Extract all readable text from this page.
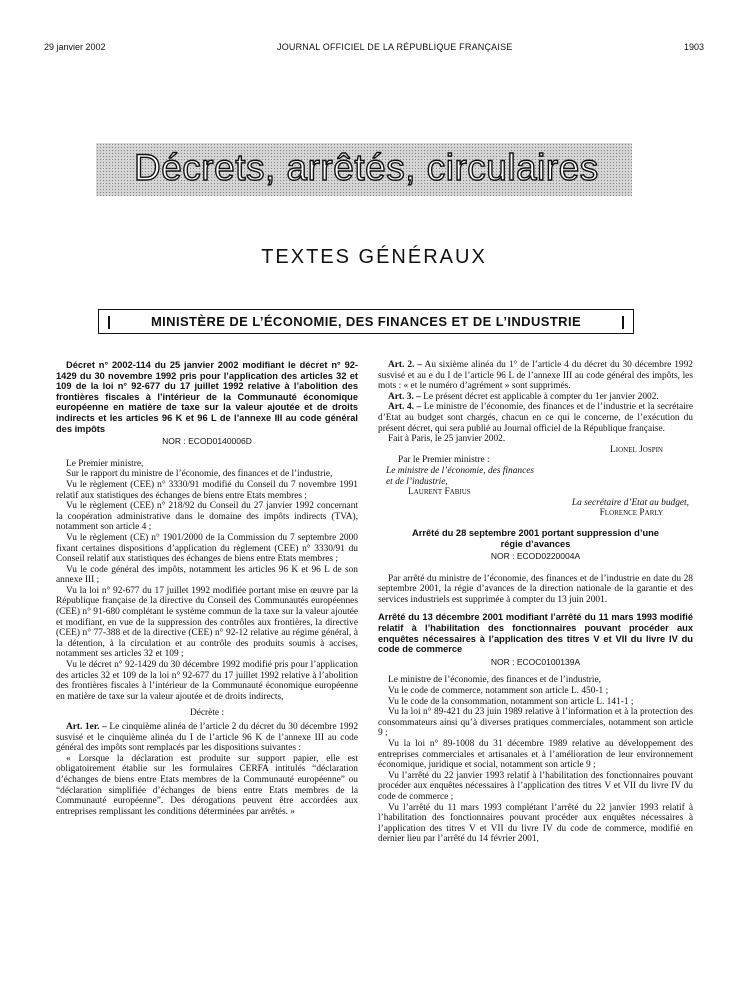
29 janvier 2002	JOURNAL OFFICIEL DE LA RÉPUBLIQUE FRANÇAISE	1903
Décrets, arrêtés, circulaires
TEXTES GÉNÉRAUX
MINISTÈRE DE L’ÉCONOMIE, DES FINANCES ET DE L’INDUSTRIE

Décret n° 2002-114 du 25 janvier 2002 modifiant le décret n° 92-1429 du 30 novembre 1992 pris pour l’application des articles 32 et 109 de la loi n° 92-677 du 17 juillet 1992 relative à l’abolition des frontières fiscales à l’intérieur de la Communauté économique européenne en matière de taxe sur la valeur ajoutée et de droits indirects et les articles 96 K et 96 L de l’annexe III au code général des impôts

NOR : ECOD0140006D

Le Premier ministre,

Sur le rapport du ministre de l’économie, des finances et de l’industrie,

Vu le règlement (CEE) n° 3330/91 modifié du Conseil du 7 novembre 1991 relatif aux statistiques des échanges de biens entre Etats membres ;

Vu le règlement (CEE) n° 218/92 du Conseil du 27 janvier 1992 concernant la coopération administrative dans le domaine des impôts indirects (TVA), notamment son article 4 ;

Vu le règlement (CE) n° 1901/2000 de la Commission du 7 septembre 2000 fixant certaines dispositions d’application du règlement (CEE) n° 3330/91 du Conseil relatif aux statistiques des échanges de biens entre Etats membres ;

Vu le code général des impôts, notamment les articles 96 K et 96 L de son annexe III ;

Vu la loi n° 92-677 du 17 juillet 1992 modifiée portant mise en œuvre par la République française de la directive du Conseil des Communautés européennes (CEE) n° 91-680 complétant le système commun de la taxe sur la valeur ajoutée et modifiant, en vue de la suppression des contrôles aux frontières, la directive (CEE) n° 77-388 et de la directive (CEE) n° 92-12 relative au régime général, à la détention, à la circulation et au contrôle des produits soumis à accises, notamment ses articles 32 et 109 ;

Vu le décret n° 92-1429 du 30 décembre 1992 modifié pris pour l’application des articles 32 et 109 de la loi n° 92-677 du 17 juillet 1992 relative à l’abolition des frontières fiscales à l’intérieur de la Communauté économique européenne en matière de taxe sur la valeur ajoutée et de droits indirects,

Décrète :

Art. 1er. – Le cinquième alinéa de l’article 2 du décret du 30 décembre 1992 susvisé et le cinquième alinéa du I de l’article 96 K de l’annexe III au code général des impôts sont remplacés par les dispositions suivantes :

« Lorsque la déclaration est produite sur support papier, elle est obligatoirement établie sur les formulaires CERFA intitulés “déclaration d’échanges de biens entre Etats membres de la Communauté européenne” ou “déclaration simplifiée d’échanges de biens entre Etats membres de la Communauté européenne”. Des dérogations peuvent être accordées aux entreprises remplissant les conditions déterminées par arrêtés. »

Art. 2. – Au sixième alinéa du 1° de l’article 4 du décret du 30 décembre 1992 susvisé et au e du I de l’article 96 L de l’annexe III au code général des impôts, les mots : « et le numéro d’agrément » sont supprimés.

Art. 3. – Le présent décret est applicable à compter du 1er janvier 2002.

Art. 4. – Le ministre de l’économie, des finances et de l’industrie et la secrétaire d’Etat au budget sont chargés, chacun en ce qui le concerne, de l’exécution du présent décret, qui sera publié au Journal officiel de la République française.

Fait à Paris, le 25 janvier 2002.

Lionel Jospin

Par le Premier ministre :

Le ministre de l’économie, des finances et de l’industrie,

Laurent Fabius

La secrétaire d’Etat au budget,

Florence Parly

Arrêté du 28 septembre 2001 portant suppression d’une régie d’avances

NOR : ECOD0220004A

Par arrêté du ministre de l’économie, des finances et de l’industrie en date du 28 septembre 2001, la régie d’avances de la direction nationale de la garantie et des services industriels est supprimée à compter du 13 juin 2001.

Arrêté du 13 décembre 2001 modifiant l’arrêté du 11 mars 1993 modifié relatif à l’habilitation des fonctionnaires pouvant procéder aux enquêtes nécessaires à l’application des titres V et VII du livre IV du code de commerce

NOR : ECOC0100139A

Le ministre de l’économie, des finances et de l’industrie,

Vu le code de commerce, notamment son article L. 450-1 ;

Vu le code de la consommation, notamment son article L. 141-1 ;

Vu la loi n° 89-421 du 23 juin 1989 relative à l’information et à la protection des consommateurs ainsi qu’à diverses pratiques commerciales, notamment son article 9 ;

Vu la loi n° 89-1008 du 31 décembre 1989 relative au développement des entreprises commerciales et artisanales et à l’amélioration de leur environnement économique, juridique et social, notamment son article 9 ;

Vu l’arrêté du 22 janvier 1993 relatif à l’habilitation des fonctionnaires pouvant procéder aux enquêtes nécessaires à l’application des titres V et VII du livre IV du code de commerce ;

Vu l’arrêté du 11 mars 1993 complétant l’arrêté du 22 janvier 1993 relatif à l’habilitation des fonctionnaires pouvant procéder aux enquêtes nécessaires à l’application des titres V et VII du livre IV du code de commerce, modifié en dernier lieu par l’arrêté du 14 février 2001,
